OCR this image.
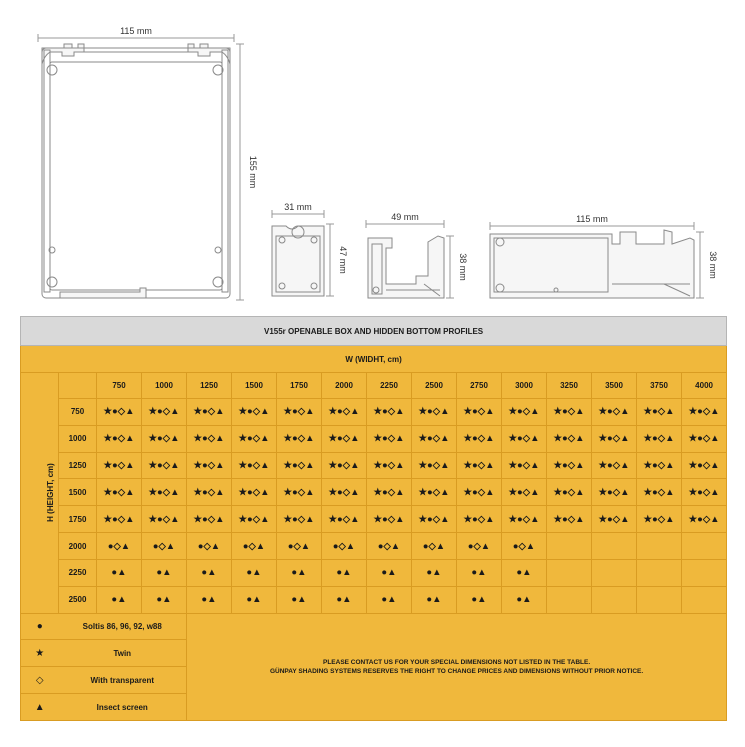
115 mm
155 mm
31 mm
47 mm
49 mm
38 mm
115 mm
38 mm
V155r OPENABLE BOX AND HIDDEN BOTTOM PROFILES															
W (WIDHT, cm)															
H (HEIGHT, cm)		750	1000	1250	1500	1750	2000	2250	2500	2750	3000	3250	3500	3750	4000
	750	★●◇▲	★●◇▲	★●◇▲	★●◇▲	★●◇▲	★●◇▲	★●◇▲	★●◇▲	★●◇▲	★●◇▲	★●◇▲	★●◇▲	★●◇▲	★●◇▲
	1000	★●◇▲	★●◇▲	★●◇▲	★●◇▲	★●◇▲	★●◇▲	★●◇▲	★●◇▲	★●◇▲	★●◇▲	★●◇▲	★●◇▲	★●◇▲	★●◇▲
	1250	★●◇▲	★●◇▲	★●◇▲	★●◇▲	★●◇▲	★●◇▲	★●◇▲	★●◇▲	★●◇▲	★●◇▲	★●◇▲	★●◇▲	★●◇▲	★●◇▲
	1500	★●◇▲	★●◇▲	★●◇▲	★●◇▲	★●◇▲	★●◇▲	★●◇▲	★●◇▲	★●◇▲	★●◇▲	★●◇▲	★●◇▲	★●◇▲	★●◇▲
	1750	★●◇▲	★●◇▲	★●◇▲	★●◇▲	★●◇▲	★●◇▲	★●◇▲	★●◇▲	★●◇▲	★●◇▲	★●◇▲	★●◇▲	★●◇▲	★●◇▲
	2000	●◇▲	●◇▲	●◇▲	●◇▲	●◇▲	●◇▲	●◇▲	●◇▲	●◇▲	●◇▲				
	2250	●▲	●▲	●▲	●▲	●▲	●▲	●▲	●▲	●▲	●▲				
	2500	●▲	●▲	●▲	●▲	●▲	●▲	●▲	●▲	●▲	●▲				
●	Soltis 86, 96, 92, w88			PLEASE CONTACT US FOR YOUR SPECIAL DIMENSIONS NOT LISTED IN THE TABLE.
GÜNPAY SHADING SYSTEMS RESERVES THE RIGHT TO CHANGE PRICES AND DIMENSIONS WITHOUT PRIOR NOTICE.											

★	Twin														
◇	With transparent														
▲	Insect screen														
